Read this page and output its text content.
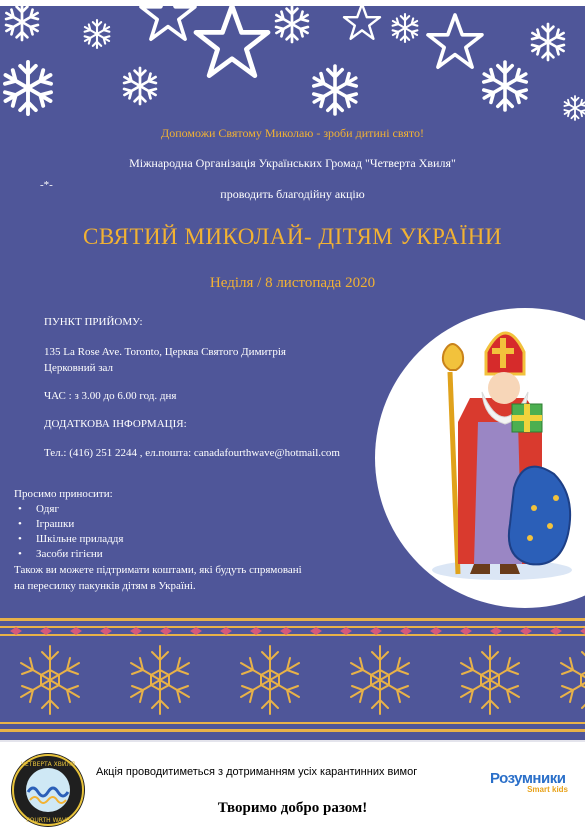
Допоможи Святому Миколаю - зроби дитині свято!

Міжнародна Організація Українських Громад "Четверта Хвиля"

-*-

проводить благодійну акцію

СВЯТИЙ МИКОЛАЙ- ДІТЯМ УКРАЇНИ

Неділя / 8 листопада 2020

ПУНКТ ПРИЙОМУ:

135 La Rose Ave. Toronto, Церква Святого Димитрія

Церковний зал

ЧАС : з 3.00 до 6.00 год. дня

ДОДАТКОВА ІНФОРМАЦІЯ:

Тел.: (416) 251 2244 , ел.пошта: canadafourthwave@hotmail.com

Просимо приносити:

• Одяг
• Іграшки
• Шкільне приладдя
• Засоби гігієни

Також ви можете підтримати коштами, які будуть спрямовані

на пересилку пакунків дітям в Україні.

ЧЕТВЕРТА ХВИЛЯ
FOURTH WAVE

Акція проводитиметься з дотриманням усіх карантинних вимог	Розумники
Smart kids

Творимо добро разом!
